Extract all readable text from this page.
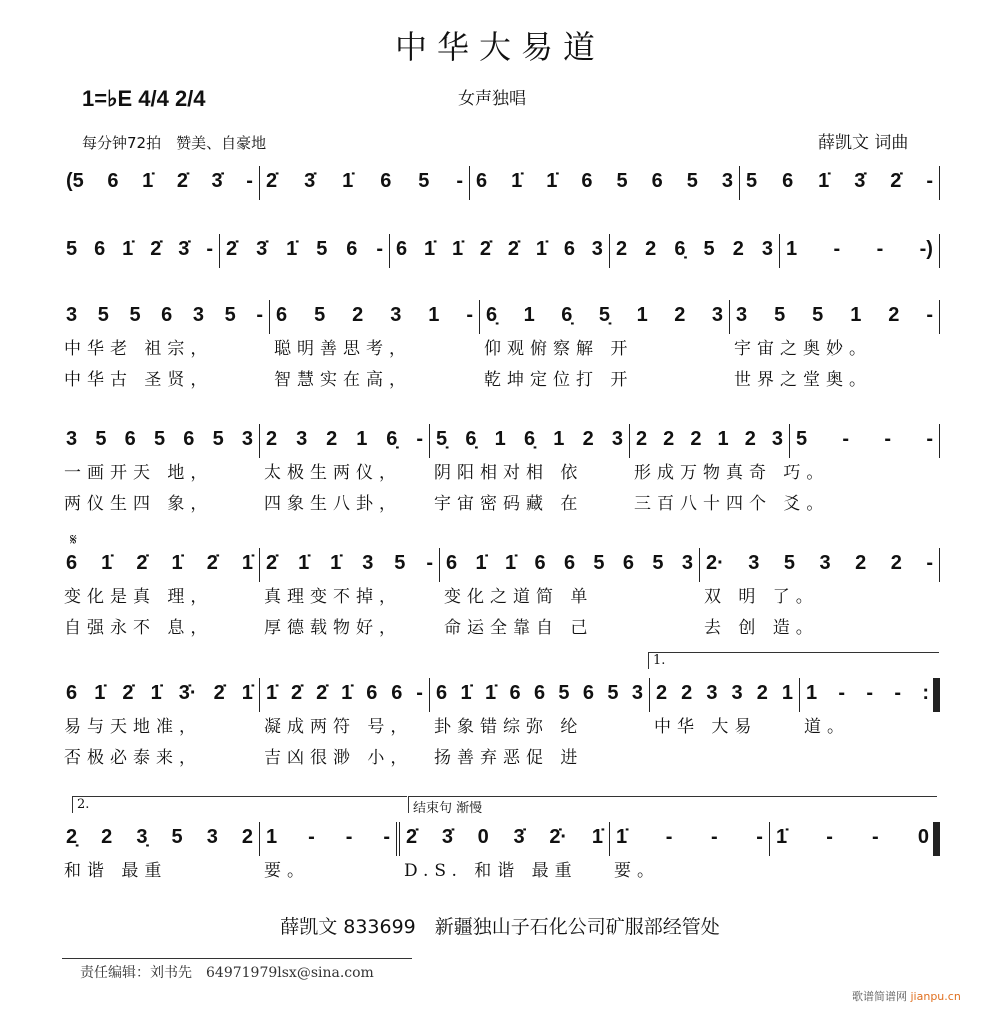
中华大易道
1=♭E 4/4 2/4	女声独唱
每分钟72拍　赞美、自豪地	薛凯文 词曲
𝄋
(5 6 1̇ 2̇ 3̇ - 2̇ 3̇ 1̇ 6 5 - 6 1̇ 1̇ 6 5 6 5 3 5 6 1̇ 3̇ 2̇ -
5 6 1̇ 2̇ 3̇ - 2̇ 3̇ 1̇ 5 6 - 6 1̇ 1̇ 2̇ 2̇ 1̇ 6 3 2 2 6̣ 5 2 3 1 - - -)
3 5 5 6 3 5 -
中华老 祖宗，
中华古 圣贤，
6 5 2 3 1 -
聪明善思考，
智慧实在高，
6̣ 1 6̣ 5̣ 1 2 3
仰观俯察解 开
乾坤定位打 开
3 5 5 1 2 -
宇宙之奥妙。
世界之堂奥。
3 5 6 5 6 5 3
一画开天 地，
两仪生四 象，
2 3 2 1 6̣ -
太极生两仪，
四象生八卦，
5̣ 6̣ 1 6̣ 1 2 3
阴阳相对相 依
宇宙密码藏 在
2 2 2 1 2 3
形成万物真奇 巧。
三百八十四个 爻。
5 - - -
6 1̇ 2̇ 1̇ 2̇ 1̇
变化是真 理，
自强永不 息，
2̇ 1̇ 1̇ 3 5 -
真理变不掉，
厚德载物好，
6 1̇ 1̇ 6 6 5 6 5 3
变化之道简 单
命运全靠自 己
2· 3 5 3 2 2 -
双 明 了。
去 创 造。
6 1̇ 2̇ 1̇ 3̇· 2̇ 1̇
易与天地准，
否极必泰来，
1̇ 2̇ 2̇ 1̇ 6 6 -
凝成两符 号，
吉凶很渺 小，
6 1̇ 1̇ 6 6 5 6 5 3
卦象错综弥 纶
扬善弃恶促 进
2 2 3 3 2 1
中华 大易
1 - - - :
道。
2̣ 2 3̣ 5 3 2
和谐 最重
1 - - -
要。
2̇ 3̇ 0 3̇ 2̇· 1̇
D.S. 和谐 最重
1̇ - - -
要。
1̇ - - 0
1.
2.	结束句 渐慢
薛凯文 833699　新疆独山子石化公司矿服部经管处
责任编辑：刘书先　64971979lsx@sina.com
歌谱简谱网 jianpu.cn
